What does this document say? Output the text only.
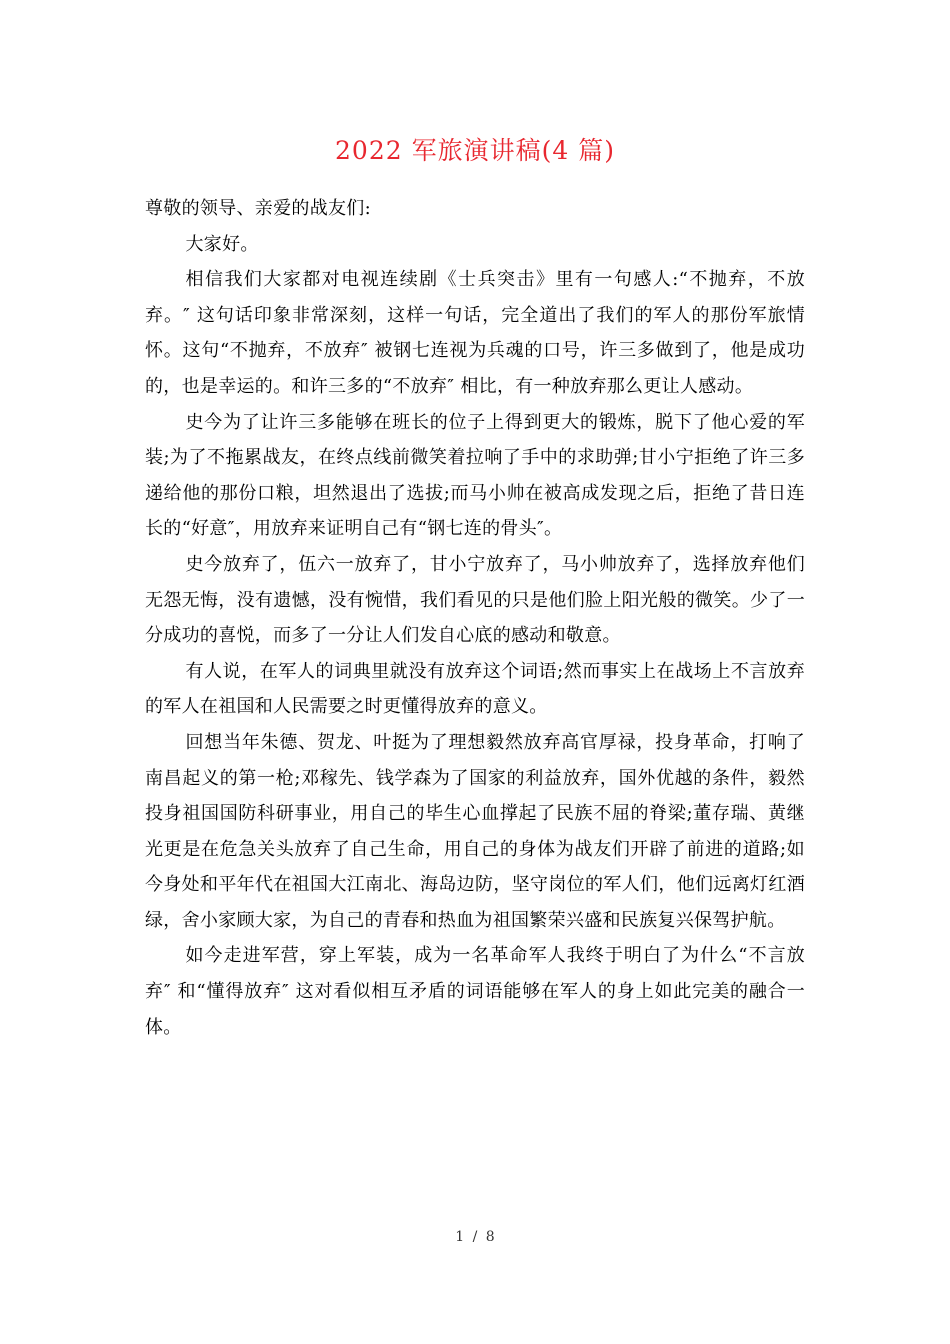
2022 军旅演讲稿(4 篇)

尊敬的领导、亲爱的战友们:

大家好。

相信我们大家都对电视连续剧《士兵突击》里有一句感人:“不抛弃，不放弃。″ 这句话印象非常深刻，这样一句话，完全道出了我们的军人的那份军旅情怀。这句“不抛弃，不放弃″ 被钢七连视为兵魂的口号，许三多做到了，他是成功的，也是幸运的。和许三多的“不放弃″ 相比，有一种放弃那么更让人感动。

史今为了让许三多能够在班长的位子上得到更大的锻炼，脱下了他心爱的军装;为了不拖累战友，在终点线前微笑着拉响了手中的求助弹;甘小宁拒绝了许三多递给他的那份口粮，坦然退出了选拔;而马小帅在被高成发现之后，拒绝了昔日连长的“好意″，用放弃来证明自己有“钢七连的骨头″。

史今放弃了，伍六一放弃了，甘小宁放弃了，马小帅放弃了，选择放弃他们无怨无悔，没有遗憾，没有惋惜，我们看见的只是他们脸上阳光般的微笑。少了一分成功的喜悦，而多了一分让人们发自心底的感动和敬意。

有人说，在军人的词典里就没有放弃这个词语;然而事实上在战场上不言放弃的军人在祖国和人民需要之时更懂得放弃的意义。

回想当年朱德、贺龙、叶挺为了理想毅然放弃高官厚禄，投身革命，打响了南昌起义的第一枪;邓稼先、钱学森为了国家的利益放弃，国外优越的条件，毅然投身祖国国防科研事业，用自己的毕生心血撑起了民族不屈的脊梁;董存瑞、黄继光更是在危急关头放弃了自己生命，用自己的身体为战友们开辟了前进的道路;如今身处和平年代在祖国大江南北、海岛边防，坚守岗位的军人们，他们远离灯红酒绿，舍小家顾大家，为自己的青春和热血为祖国繁荣兴盛和民族复兴保驾护航。

如今走进军营，穿上军装，成为一名革命军人我终于明白了为什么“不言放弃″ 和“懂得放弃″ 这对看似相互矛盾的词语能够在军人的身上如此完美的融合一体。

1 / 8
